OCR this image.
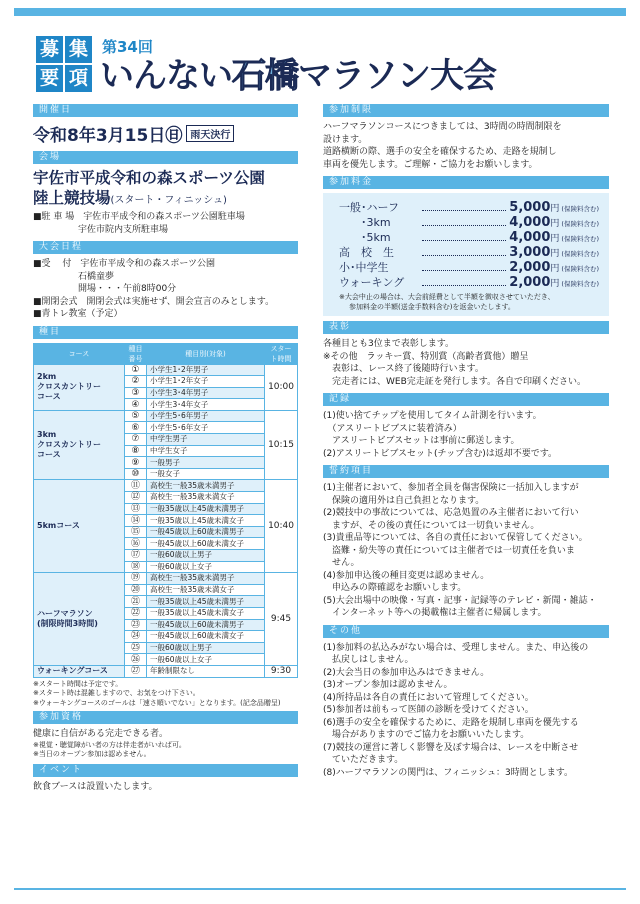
募 集
要 項
第34回
いんない石橋マラソン大会
開催日
令和8年3月15日㊐ 雨天決行
会場
宇佐市平成令和の森スポーツ公園
陸上競技場(スタート・フィニッシュ)
■駐 車 場　宇佐市平成令和の森スポーツ公園駐車場
　　　　　宇佐市院内支所駐車場
大会日程
■受　 付　宇佐市平成令和の森スポーツ公園
　　　　　石橋童夢
　　　　　開場・・・午前8時00分
■開閉会式　開閉会式は実施せず、開会宣言のみとします。
■青トレ教室（予定）
種目
コース	種目番号	種目別(対象)	スタート時間
2km
クロスカントリー
コース	①	小学生1･2年男子	10:00
	②	小学生1･2年女子	
	③	小学生3･4年男子	
	④	小学生3･4年女子	
3km
クロスカントリー
コース	⑤	小学生5･6年男子	10:15
	⑥	小学生5･6年女子	
	⑦	中学生男子	
	⑧	中学生女子	
	⑨	一般男子	
	⑩	一般女子	
5kmコース	⑪	高校生一般35歳未満男子	10:40
	⑫	高校生一般35歳未満女子	
	⑬	一般35歳以上45歳未満男子	
	⑭	一般35歳以上45歳未満女子	
	⑮	一般45歳以上60歳未満男子	
	⑯	一般45歳以上60歳未満女子	
	⑰	一般60歳以上男子	
	⑱	一般60歳以上女子	
ハーフマラソン
(制限時間3時間)	⑲	高校生一般35歳未満男子	9:45
	⑳	高校生一般35歳未満女子	
	㉑	一般35歳以上45歳未満男子	
	㉒	一般35歳以上45歳未満女子	
	㉓	一般45歳以上60歳未満男子	
	㉔	一般45歳以上60歳未満女子	
	㉕	一般60歳以上男子	
	㉖	一般60歳以上女子	
ウォーキングコース	㉗	年齢制限なし	9:30
※スタート時間は予定です。
※スタート時は混雑しますので、お気をつけ下さい。
※ウォーキングコースのゴールは「速さ順いでない」となります。(記念品贈呈)
参加資格
健康に自信がある完走できる者。
※視覚・聴覚障がい者の方は伴走者がいれば可。
※当日のオープン参加は認めません。
イベント
飲食ブースは設置いたします。
参加制限
ハーフマラソンコースにつきましては、3時間の時間制限を
設けます。
道路横断の際、選手の安全を確保するため、走路を規制し
車両を優先します。ご理解・ご協力をお願いします。
参加料金
一般･ハーフ	5,000 円 (保険料含む)
　　･3km	4,000 円 (保険料含む)
　　･5km	4,000 円 (保険料含む)
高　校　生	3,000 円 (保険料含む)
小･中学生	2,000 円 (保険料含む)
ウォーキング	2,000 円 (保険料含む)
※大会中止の場合は、大会前経費として半額を徴収させていただき、
参加料金の半額(送金手数料含む)を返金いたします。
表彰
各種目とも3位まで表彰します。
※その他　ラッキー賞、特別賞（高齢者賞他）贈呈
　表彰は、レース終了後随時行います。
　完走者には、WEB完走証を発行します。各自で印刷ください。
記録
(1)使い捨てチップを使用してタイム計測を行います。
　（アスリートビブスに装着済み）
　アスリートビブスセットは事前に郵送します。
(2)アスリートビブスセット(チップ含む)は返却不要です。
誓約項目
(1)主催者において、参加者全員を傷害保険に一括加入しますが
　保険の適用外は自己負担となります。
(2)競技中の事故については、応急処置のみ主催者において行い
　ますが、その後の責任については一切負いません。
(3)貴重品等については、各自の責任において保管してください。
　盗難・紛失等の責任については主催者では一切責任を負いま
　せん。
(4)参加申込後の種目変更は認めません。
　申込みの際確認をお願いします。
(5)大会出場中の映像・写真・記事・記録等のテレビ・新聞・雑誌・
　インターネット等への掲載権は主催者に帰属します。
その他
(1)参加料の払込みがない場合は、受理しません。また、申込後の
　払戻しはしません。
(2)大会当日の参加申込みはできません。
(3)オープン参加は認めません。
(4)所持品は各自の責任において管理してください。
(5)参加者は前もって医師の診断を受けてください。
(6)選手の安全を確保するために、走路を規制し車両を優先する
　場合がありますのでご協力をお願いいたします。
(7)競技の運営に著しく影響を及ぼす場合は、レースを中断させ
　ていただきます。
(8)ハーフマラソンの関門は、フィニッシュ：3時間とします。
